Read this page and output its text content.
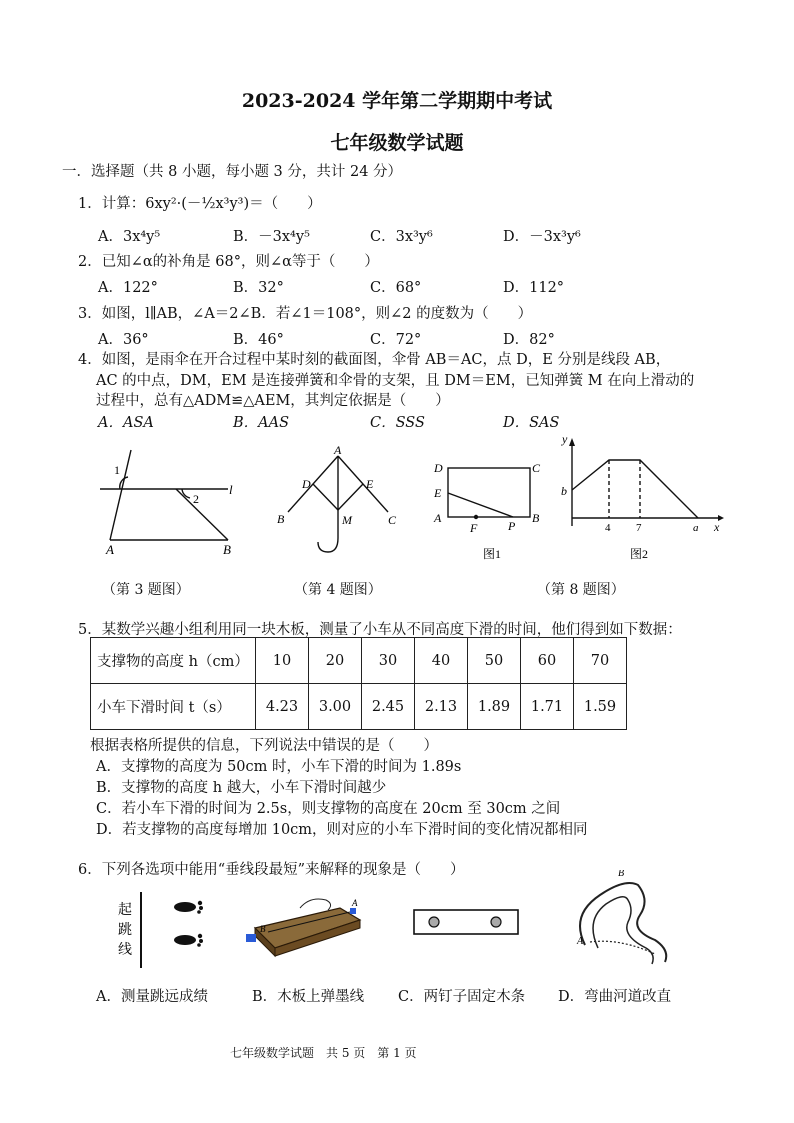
2023-2024 学年第二学期期中考试
七年级数学试题
一．选择题（共 8 小题，每小题 3 分，共计 24 分）
1．计算：6xy²·(－½x³y³)＝（　　）
A．3x⁴y⁵	B．－3x⁴y⁵	C．3x³y⁶	D．－3x³y⁶
2．已知∠α的补角是 68°，则∠α等于（　　）
A．122°	B．32°	C．68°	D．112°
3．如图，l∥AB，∠A＝2∠B．若∠1＝108°，则∠2 的度数为（　　）
A．36°	B．46°	C．72°	D．82°
4．如图，是雨伞在开合过程中某时刻的截面图，伞骨 AB＝AC，点 D，E 分别是线段 AB，
AC 的中点，DM，EM 是连接弹簧和伞骨的支架，且 DM＝EM，已知弹簧 M 在向上滑动的
过程中，总有△ADM≌△AEM，其判定依据是（　　）
A．ASA	B．AAS	C．SSS	D．SAS
1
2
l
A	B
A
D	E
B	M	C
D	C
E
A
F	P
B
图1
y
b
4 7	a x
图2
（第 3 题图）	（第 4 题图）	（第 8 题图）
5．某数学兴趣小组利用同一块木板，测量了小车从不同高度下滑的时间，他们得到如下数据：
支撑物的高度 h（cm）	10	20	30	40	50	60	70
小车下滑时间 t（s）	4.23	3.00	2.45	2.13	1.89	1.71	1.59
根据表格所提供的信息，下列说法中错误的是（　　）
A．支撑物的高度为 50cm 时，小车下滑的时间为 1.89s
B．支撑物的高度 h 越大，小车下滑时间越少
C．若小车下滑的时间为 2.5s，则支撑物的高度在 20cm 至 30cm 之间
D．若支撑物的高度每增加 10cm，则对应的小车下滑时间的变化情况都相同
6．下列各选项中能用“垂线段最短”来解释的现象是（　　）
起
跳
线
B
A
B
A
A．测量跳远成绩	B．木板上弹墨线 C．两钉子固定木条 D．弯曲河道改直
七年级数学试题　共 5 页　第 1 页
